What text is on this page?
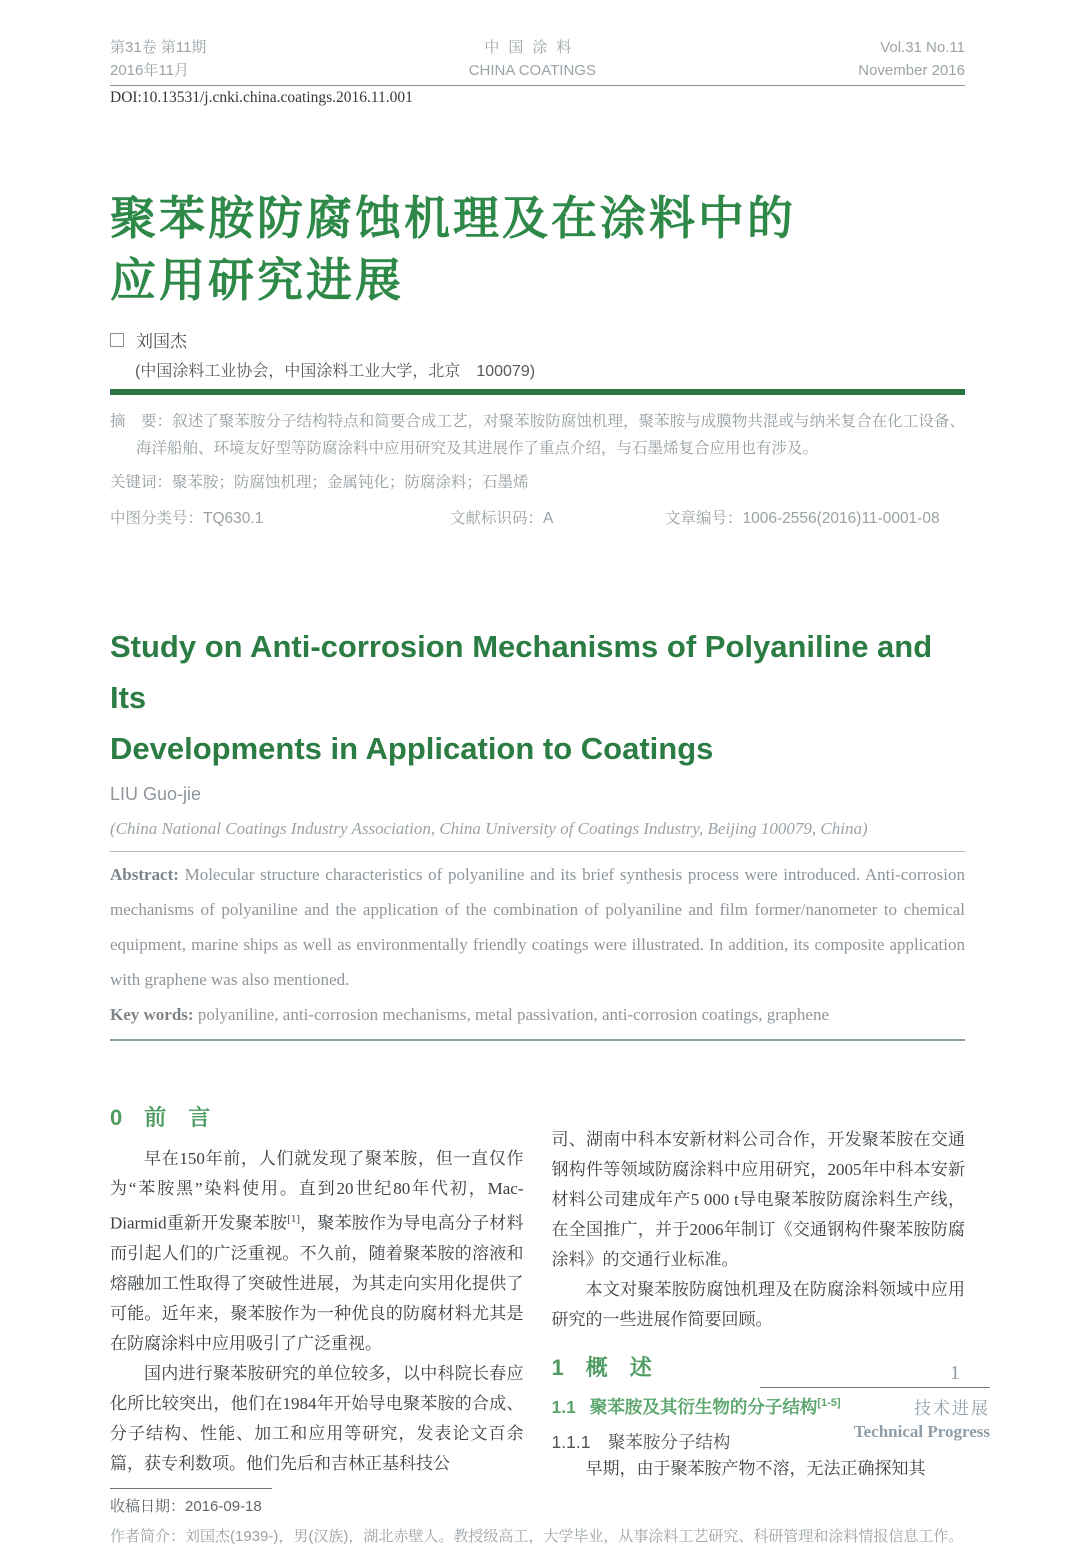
第31卷 第11期
2016年11月
中国涂料
CHINA COATINGS
Vol.31 No.11
November 2016
DOI:10.13531/j.cnki.china.coatings.2016.11.001
聚苯胺防腐蚀机理及在涂料中的
应用研究进展
刘国杰
(中国涂料工业协会，中国涂料工业大学，北京　100079)
摘　要：叙述了聚苯胺分子结构特点和简要合成工艺，对聚苯胺防腐蚀机理，聚苯胺与成膜物共混或与纳米复合在化工设备、海洋船舶、环境友好型等防腐涂料中应用研究及其进展作了重点介绍，与石墨烯复合应用也有涉及。
关键词：聚苯胺；防腐蚀机理；金属钝化；防腐涂料；石墨烯
中图分类号：TQ630.1	文献标识码：A	文章编号：1006-2556(2016)11-0001-08
Study on Anti-corrosion Mechanisms of Polyaniline and Its
Developments in Application to Coatings
LIU Guo-jie
(China National Coatings Industry Association, China University of Coatings Industry, Beijing 100079, China)
Abstract: Molecular structure characteristics of polyaniline and its brief synthesis process were introduced. Anti-corrosion mechanisms of polyaniline and the application of the combination of polyaniline and film former/nanometer to chemical equipment, marine ships as well as environmentally friendly coatings were illustrated. In addition, its composite application with graphene was also mentioned.
Key words: polyaniline, anti-corrosion mechanisms, metal passivation, anti-corrosion coatings, graphene
0　前　言

早在150年前，人们就发现了聚苯胺，但一直仅作为“苯胺黑”染料使用。直到20世纪80年代初，Mac-Diarmid重新开发聚苯胺[1]，聚苯胺作为导电高分子材料而引起人们的广泛重视。不久前，随着聚苯胺的溶液和熔融加工性取得了突破性进展，为其走向实用化提供了可能。近年来，聚苯胺作为一种优良的防腐材料尤其是在防腐涂料中应用吸引了广泛重视。

国内进行聚苯胺研究的单位较多，以中科院长春应化所比较突出，他们在1984年开始导电聚苯胺的合成、分子结构、性能、加工和应用等研究，发表论文百余篇，获专利数项。他们先后和吉林正基科技公

司、湖南中科本安新材料公司合作，开发聚苯胺在交通钢构件等领域防腐涂料中应用研究，2005年中科本安新材料公司建成年产5 000 t导电聚苯胺防腐涂料生产线，在全国推广，并于2006年制订《交通钢构件聚苯胺防腐涂料》的交通行业标准。

本文对聚苯胺防腐蚀机理及在防腐涂料领域中应用研究的一些进展作简要回顾。

1　概　述
1.1 聚苯胺及其衍生物的分子结构[1-5]
1.1.1　聚苯胺分子结构

早期，由于聚苯胺产物不溶，无法正确探知其

收稿日期：2016-09-18
作者简介：刘国杰(1939-)，男(汉族)，湖北赤壁人。教授级高工，大学毕业，从事涂料工艺研究、科研管理和涂料情报信息工作。
1
技术进展
Technical Progress
